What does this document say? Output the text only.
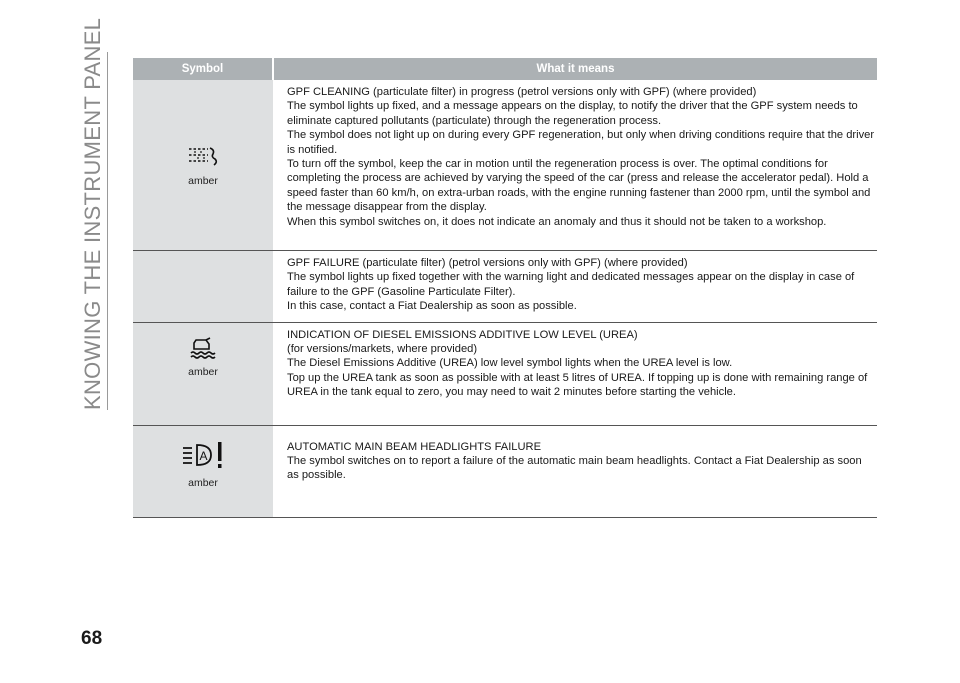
KNOWING THE INSTRUMENT PANEL	Symbol	What it means

amber	GPF CLEANING (particulate filter) in progress (petrol versions only with GPF) (where provided)
The symbol lights up fixed, and a message appears on the display, to notify the driver that the GPF system needs to eliminate captured pollutants (particulate) through the regeneration process.
The symbol does not light up on during every GPF regeneration, but only when driving conditions require that the driver is notified.
To turn off the symbol, keep the car in motion until the regeneration process is over. The optimal conditions for completing the process are achieved by varying the speed of the car (press and release the accelerator pedal). Hold a speed faster than 60 km/h, on extra-urban roads, with the engine running fastener than 2000 rpm, until the symbol and the message disappear from the display.
When this symbol switches on, it does not indicate an anomaly and thus it should not be taken to a workshop.

	GPF FAILURE (particulate filter) (petrol versions only with GPF) (where provided)
The symbol lights up fixed together with the warning light and dedicated messages appear on the display in case of failure to the GPF (Gasoline Particulate Filter).
In this case, contact a Fiat Dealership as soon as possible.

amber	INDICATION OF DIESEL EMISSIONS ADDITIVE LOW LEVEL (UREA)
(for versions/markets, where provided)
The Diesel Emissions Additive (UREA) low level symbol lights when the UREA level is low.
Top up the UREA tank as soon as possible with at least 5 litres of UREA. If topping up is done with remaining range of UREA in the tank equal to zero, you may need to wait 2 minutes before starting the vehicle.

A
amber	AUTOMATIC MAIN BEAM HEADLIGHTS FAILURE
The symbol switches on to report a failure of the automatic main beam headlights. Contact a Fiat Dealership as soon as possible.
68
